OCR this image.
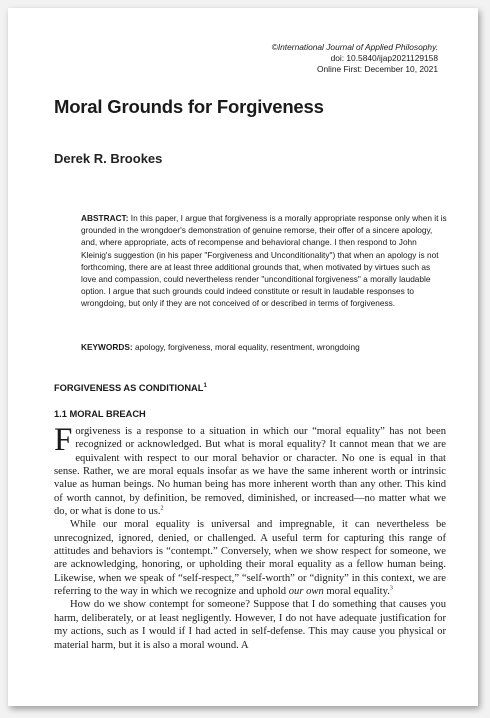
©International Journal of Applied Philosophy.
doi: 10.5840/ijap2021129158
Online First: December 10, 2021
Moral Grounds for Forgiveness
Derek R. Brookes

ABSTRACT: In this paper, I argue that forgiveness is a morally appropriate response only when it is grounded in the wrongdoer's demonstration of genuine remorse, their offer of a sincere apology, and, where appropriate, acts of recompense and behavioral change. I then respond to John Kleinig's suggestion (in his paper "Forgiveness and Unconditionality") that when an apology is not forthcoming, there are at least three additional grounds that, when motivated by virtues such as love and compassion, could nevertheless render "unconditional forgiveness" a morally laudable option. I argue that such grounds could indeed constitute or result in laudable responses to wrongdoing, but only if they are not conceived of or described in terms of forgiveness.

KEYWORDS: apology, forgiveness, moral equality, resentment, wrongdoing

FORGIVENESS AS CONDITIONAL$^1$
1.1 MORAL BREACH

Forgiveness is a response to a situation in which our “moral equality” has not been recognized or acknowledged. But what is moral equality? It cannot mean that we are equivalent with respect to our moral behavior or character. No one is equal in that sense. Rather, we are moral equals insofar as we have the same inherent worth or intrinsic value as human beings. No human being has more inherent worth than any other. This kind of worth cannot, by definition, be removed, diminished, or increased—no matter what we do, or what is done to us.$^2$

While our moral equality is universal and impregnable, it can nevertheless be unrecognized, ignored, denied, or challenged. A useful term for capturing this range of attitudes and behaviors is “contempt.” Conversely, when we show respect for someone, we are acknowledging, honoring, or upholding their moral equality as a fellow human being. Likewise, when we speak of “self-respect,” “self-worth” or “dignity” in this context, we are referring to the way in which we recognize and uphold our own moral equality.$^3$

How do we show contempt for someone? Suppose that I do something that causes you harm, deliberately, or at least negligently. However, I do not have adequate justification for my actions, such as I would if I had acted in self-defense. This may cause you physical or material harm, but it is also a moral wound. A
